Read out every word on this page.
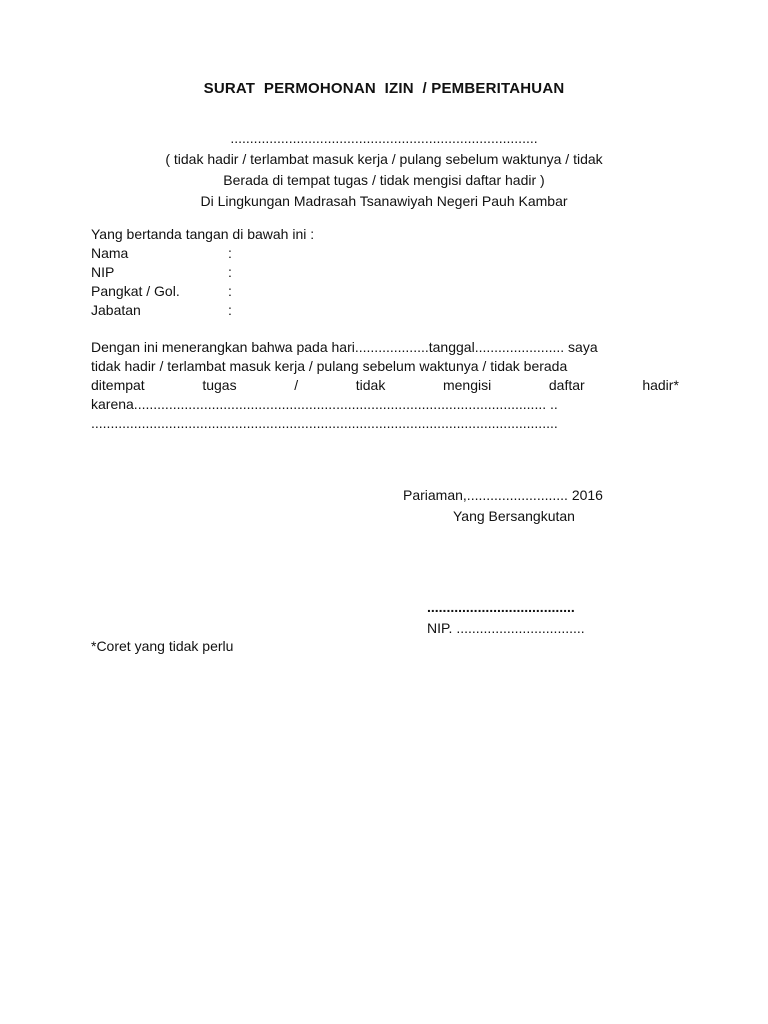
SURAT  PERMOHONAN  IZIN  / PEMBERITAHUAN
...............................................................................
( tidak hadir / terlambat masuk kerja / pulang sebelum waktunya / tidak
Berada di tempat tugas / tidak mengisi daftar hadir )
Di Lingkungan Madrasah Tsanawiyah Negeri Pauh Kambar
Yang bertanda tangan di bawah ini :
Nama	:
NIP	:
Pangkat / Gol.	:
Jabatan	:
Dengan ini menerangkan bahwa pada hari...................tanggal....................... saya
tidak hadir / terlambat masuk kerja / pulang sebelum waktunya / tidak berada
ditempat	tugas	/	tidak	mengisi	daftar	hadir*
karena.......................................................................................................... ..
........................................................................................................................
Pariaman,.......................... 2016
Yang Bersangkutan
......................................
NIP. .................................
*Coret yang tidak perlu
